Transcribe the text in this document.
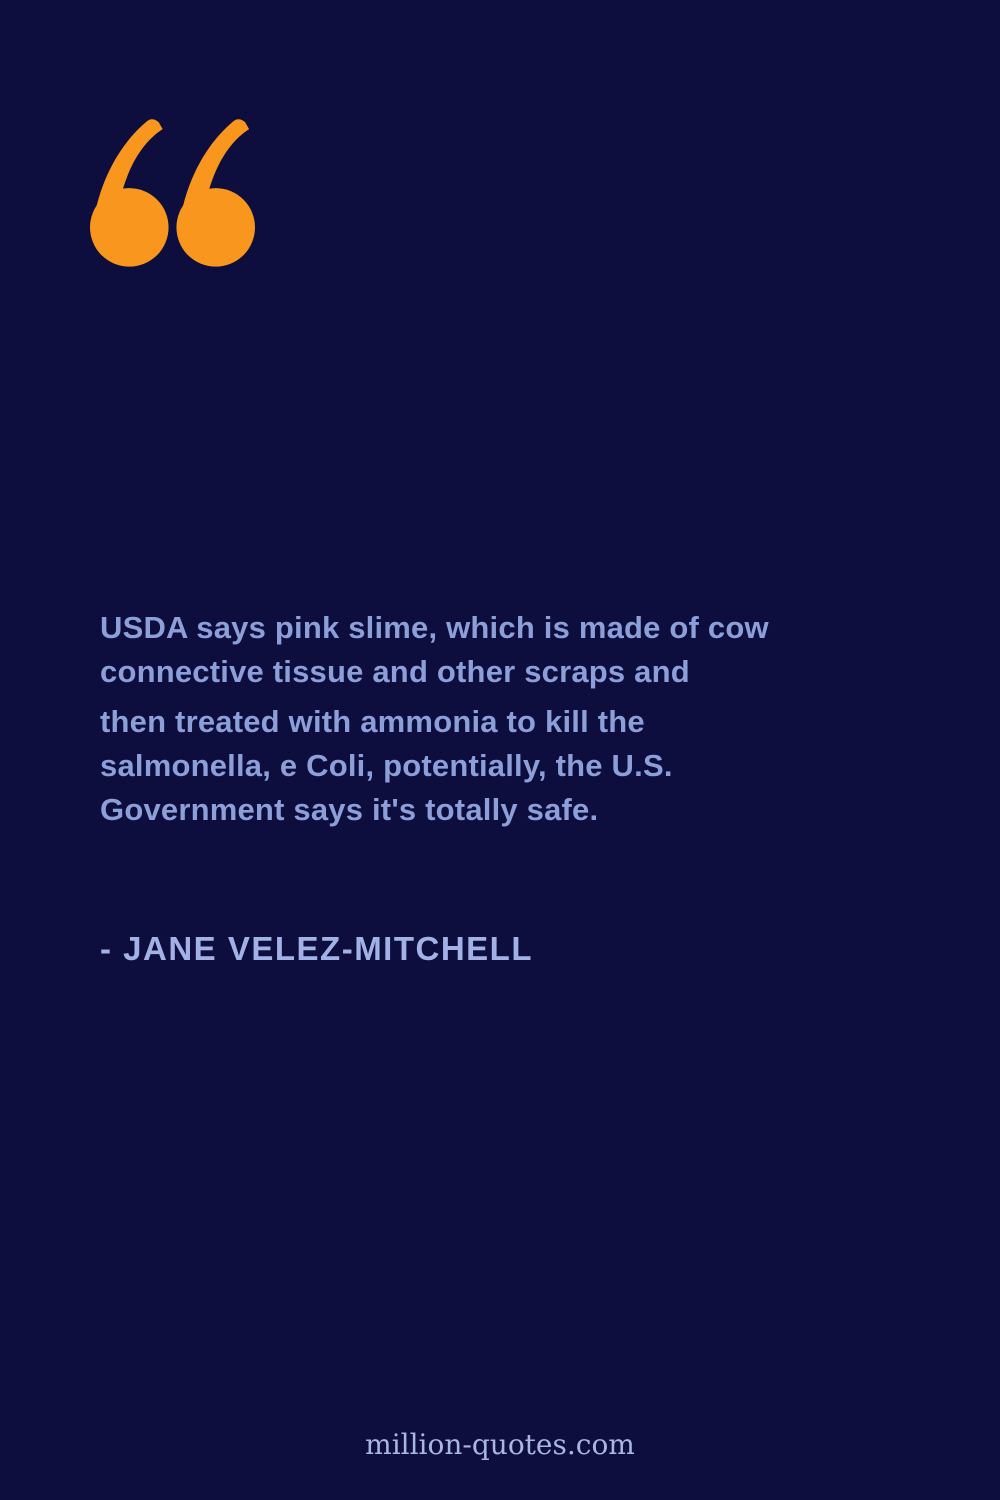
USDA says pink slime, which is made of cow
connective tissue and other scraps and
then treated with ammonia to kill the
salmonella, e Coli, potentially, the U.S.
Government says it's totally safe.
- JANE VELEZ-MITCHELL
million-quotes.com
